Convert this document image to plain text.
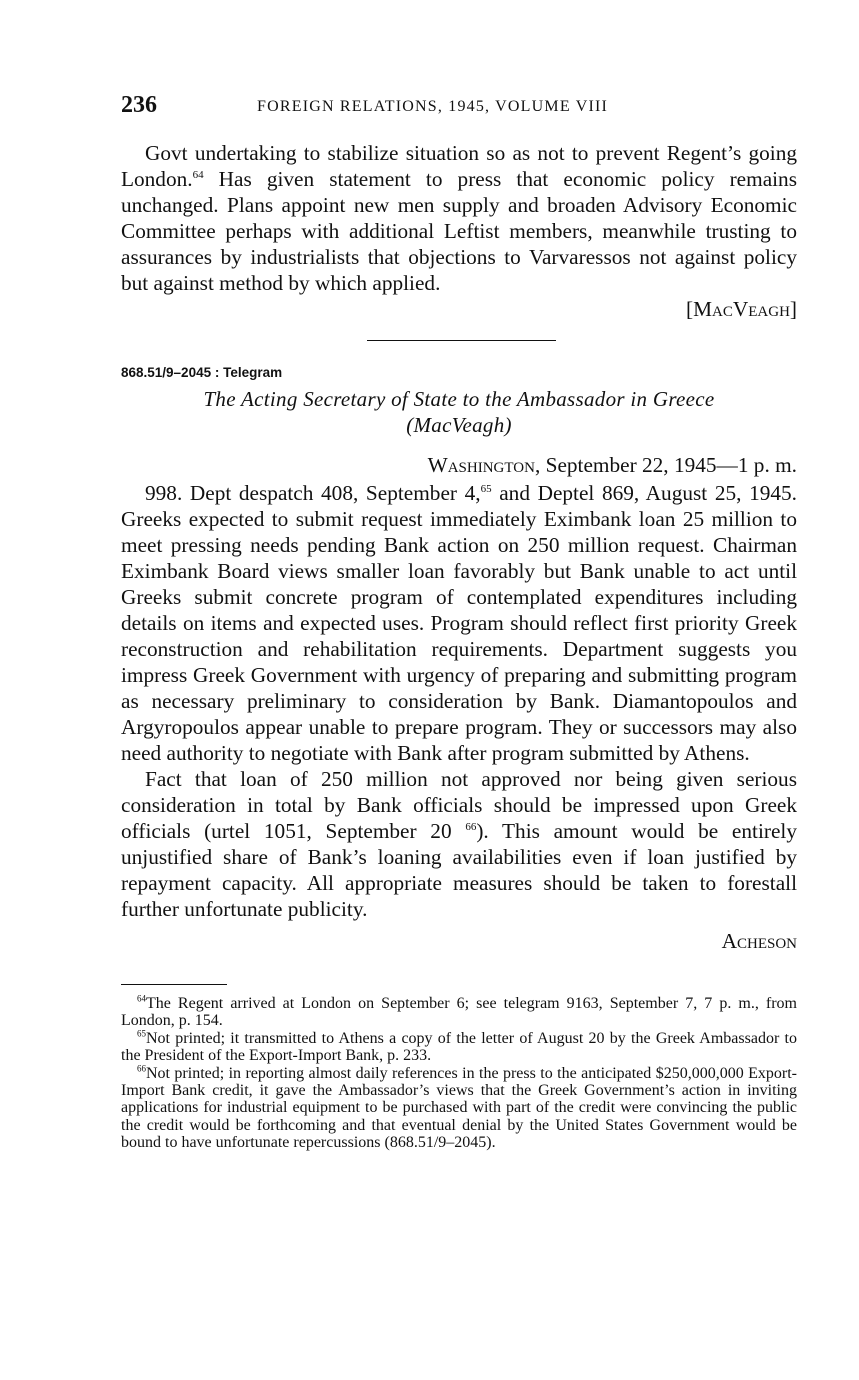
236	FOREIGN RELATIONS, 1945, VOLUME VIII

Govt undertaking to stabilize situation so as not to prevent Regent’s going London.$^{64}$ Has given statement to press that economic policy remains unchanged. Plans appoint new men supply and broaden Advisory Economic Committee perhaps with additional Leftist members, meanwhile trusting to assurances by industrialists that objections to Varvaressos not against policy but against method by which applied.

[MacVeagh]

868.51/9–2045 : Telegram

The Acting Secretary of State to the Ambassador in Greece
(MacVeagh)

Washington, September 22, 1945—1 p. m.

998. Dept despatch 408, September 4,65 and Deptel 869, August 25, 1945. Greeks expected to submit request immediately Eximbank loan 25 million to meet pressing needs pending Bank action on 250 million request. Chairman Eximbank Board views smaller loan favorably but Bank unable to act until Greeks submit concrete program of contemplated expenditures including details on items and expected uses. Program should reflect first priority Greek reconstruction and rehabilitation requirements. Department suggests you impress Greek Government with urgency of preparing and submitting program as necessary preliminary to consideration by Bank. Diamantopoulos and Argyropoulos appear unable to prepare program. They or successors may also need authority to negotiate with Bank after program submitted by Athens.

Fact that loan of 250 million not approved nor being given serious consideration in total by Bank officials should be impressed upon Greek officials (urtel 1051, September 20 $^{66}$). This amount would be entirely unjustified share of Bank’s loaning availabilities even if loan justified by repayment capacity. All appropriate measures should be taken to forestall further unfortunate publicity.

Acheson

$^{64}$The Regent arrived at London on September 6; see telegram 9163, September 7, 7 p. m., from London, p. 154.

$^{65}$Not printed; it transmitted to Athens a copy of the letter of August 20 by the Greek Ambassador to the President of the Export-Import Bank, p. 233.

$^{66}$Not printed; in reporting almost daily references in the press to the anticipated $250,000,000 Export-Import Bank credit, it gave the Ambassador’s views that the Greek Government’s action in inviting applications for industrial equipment to be purchased with part of the credit were convincing the public the credit would be forthcoming and that eventual denial by the United States Government would be bound to have unfortunate repercussions (868.51/9–2045).
